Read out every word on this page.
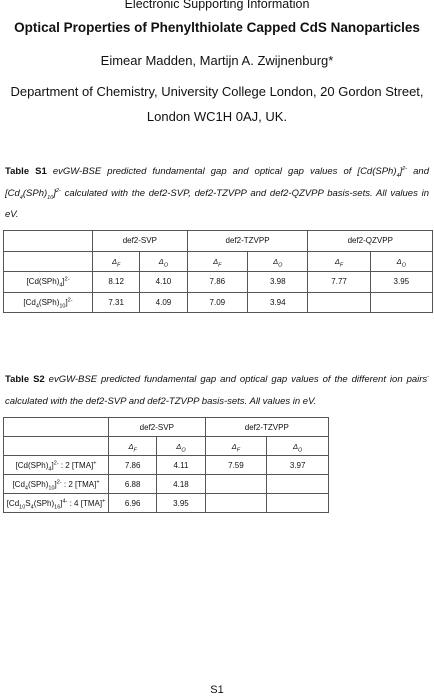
Electronic Supporting Information
Optical Properties of Phenylthiolate Capped CdS Nanoparticles
Eimear Madden, Martijn A. Zwijnenburg*
Department of Chemistry, University College London, 20 Gordon Street,
London WC1H 0AJ, UK.
Table S1 evGW-BSE predicted fundamental gap and optical gap values of $[Cd(SPh)_4]^{2-}$ and $[Cd_4(SPh)_{10}]^{2-}$ calculated with the def2-SVP, def2-TZVPP and def2-QZVPP basis-sets. All values in eV.
	def2-SVP		def2-TZVPP		def2-QZVPP	
	$\Delta_F$	$\Delta_O$	$\Delta_F$	$\Delta_O$	$\Delta_F$	$\Delta_O$
$[Cd(SPh)_4]^{2-}$	8.12	4.10	7.86	3.98	7.77	3.95
$[Cd_4(SPh)_{10}]^{2-}$	7.31	4.09	7.09	3.94		
Table S2 evGW-BSE predicted fundamental gap and optical gap values of the different ion pairs- calculated with the def2-SVP and def2-TZVPP basis-sets. All values in eV.
	def2-SVP		def2-TZVPP	
	$\Delta_F$	$\Delta_O$	$\Delta_F$	$\Delta_O$
$[Cd(SPh)_4]^{2-}$ : 2 [TMA]+	7.86	4.11	7.59	3.97
$[Cd_4(SPh)_{10}]^{2-}$ : 2 [TMA]+	6.88	4.18		
$[Cd_{10}S_4(SPh)_{16}]^{4-}$ : 4 [TMA]+	6.96	3.95		
S1
